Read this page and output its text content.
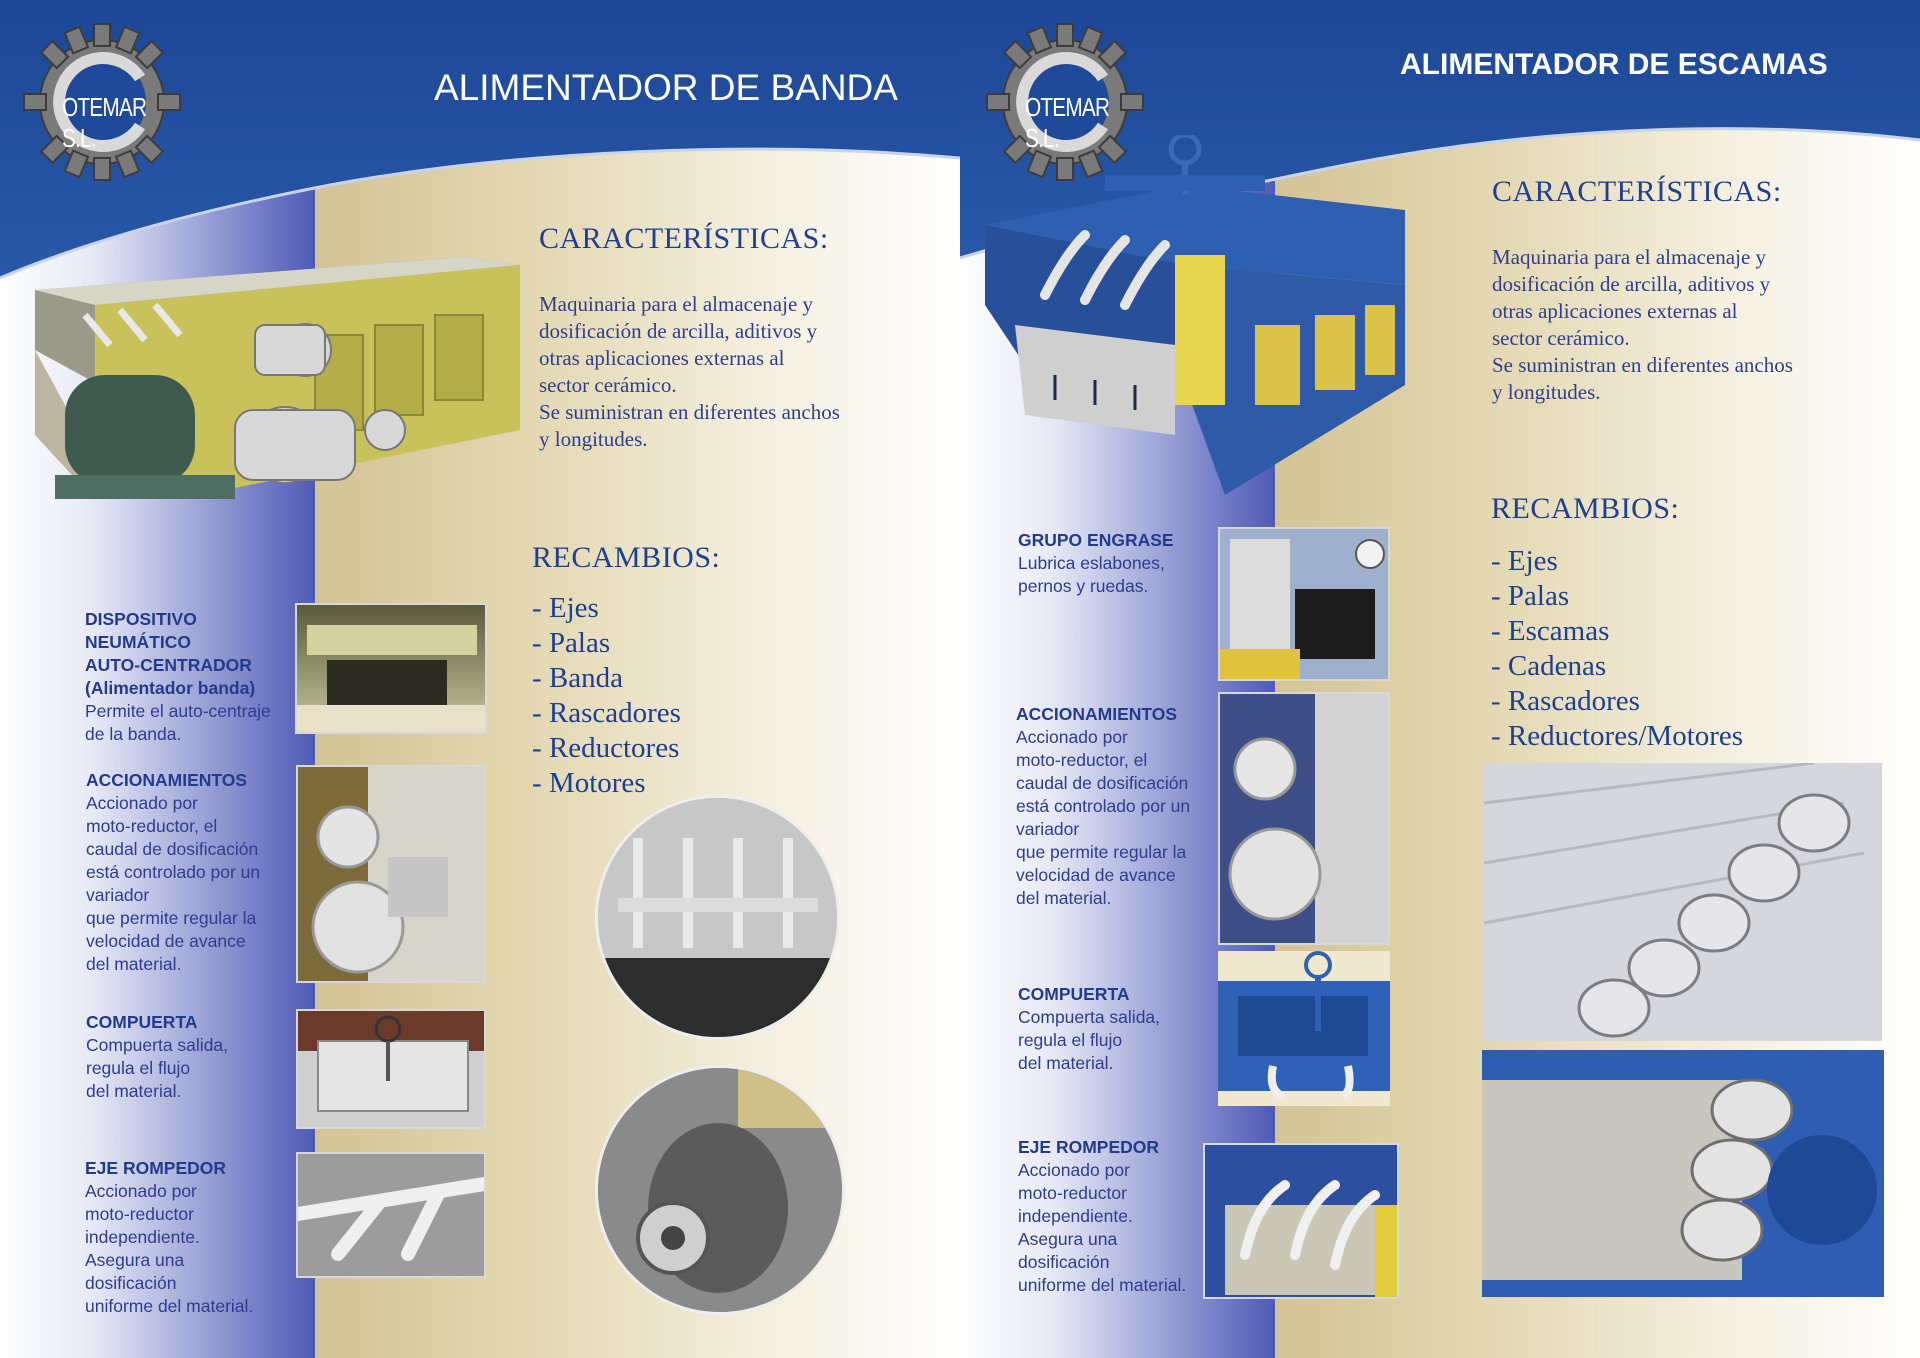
OTEMAR S.L.
ALIMENTADOR DE BANDA
CARACTERÍSTICAS:
Maquinaria para el almacenaje y
dosificación de arcilla, aditivos y
otras aplicaciones externas al
sector cerámico.
Se suministran en diferentes anchos
y longitudes.
RECAMBIOS:
- Ejes
- Palas
- Banda
- Rascadores
- Reductores
- Motores
DISPOSITIVO
NEUMÁTICO
AUTO-CENTRADOR
(Alimentador banda)
Permite el auto-centraje
de la banda.
ACCIONAMIENTOS
Accionado por
moto-reductor, el
caudal de dosificación
está controlado por un
variador
que permite regular la
velocidad de avance
del material.
COMPUERTA
Compuerta salida,
regula el flujo
del material.
EJE ROMPEDOR
Accionado por
moto-reductor
independiente.
Asegura una
dosificación
uniforme del material.
OTEMAR S.L.
ALIMENTADOR DE ESCAMAS
CARACTERÍSTICAS:
Maquinaria para el almacenaje y
dosificación de arcilla, aditivos y
otras aplicaciones externas al
sector cerámico.
Se suministran en diferentes anchos
y longitudes.
RECAMBIOS:
- Ejes
- Palas
- Escamas
- Cadenas
- Rascadores
- Reductores/Motores
GRUPO ENGRASE
Lubrica eslabones,
pernos y ruedas.
ACCIONAMIENTOS
Accionado por
moto-reductor, el
caudal de dosificación
está controlado por un
variador
que permite regular la
velocidad de avance
del material.
COMPUERTA
Compuerta salida,
regula el flujo
del material.
EJE ROMPEDOR
Accionado por
moto-reductor
independiente.
Asegura una
dosificación
uniforme del material.
